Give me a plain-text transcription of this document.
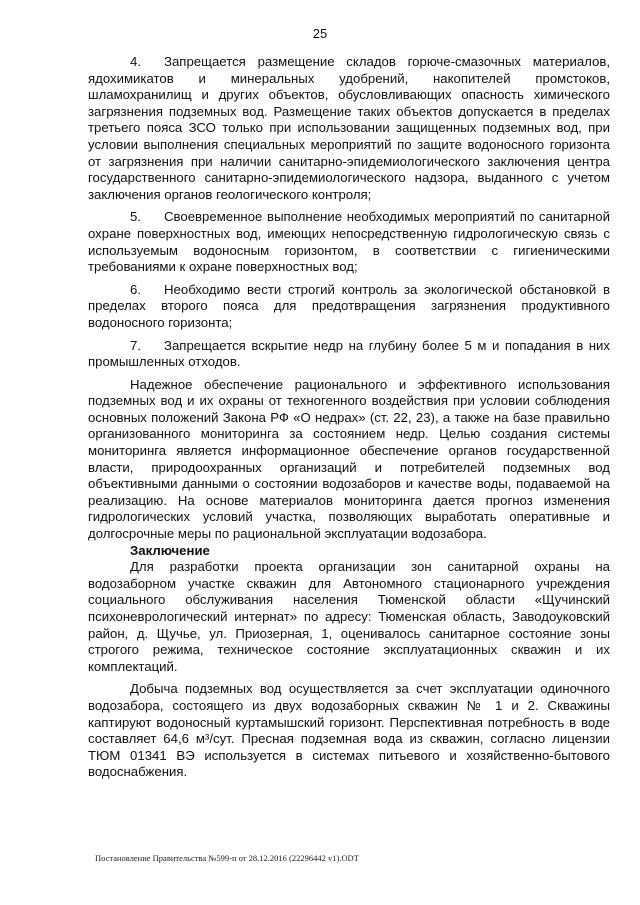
25

4. Запрещается размещение складов горюче-смазочных материалов, ядохимикатов и минеральных удобрений, накопителей промстоков, шламохранилищ и других объектов, обусловливающих опасность химического загрязнения подземных вод. Размещение таких объектов допускается в пределах третьего пояса ЗСО только при использовании защищенных подземных вод, при условии выполнения специальных мероприятий по защите водоносного горизонта от загрязнения при наличии санитарно-эпидемиологического заключения центра государственного санитарно-эпидемиологического надзора, выданного с учетом заключения органов геологического контроля;

5. Своевременное выполнение необходимых мероприятий по санитарной охране поверхностных вод, имеющих непосредственную гидрологическую связь с используемым водоносным горизонтом, в соответствии с гигиеническими требованиями к охране поверхностных вод;

6. Необходимо вести строгий контроль за экологической обстановкой в пределах второго пояса для предотвращения загрязнения продуктивного водоносного горизонта;

7. Запрещается вскрытие недр на глубину более 5 м и попадания в них промышленных отходов.

Надежное обеспечение рационального и эффективного использования подземных вод и их охраны от техногенного воздействия при условии соблюдения основных положений Закона РФ «О недрах» (ст. 22, 23), а также на базе правильно организованного мониторинга за состоянием недр. Целью создания системы мониторинга является информационное обеспечение органов государственной власти, природоохранных организаций и потребителей подземных вод объективными данными о состоянии водозаборов и качестве воды, подаваемой на реализацию. На основе материалов мониторинга дается прогноз изменения гидрологических условий участка, позволяющих выработать оперативные и долгосрочные меры по рациональной эксплуатации водозабора.

Заключение

Для разработки проекта организации зон санитарной охраны на водозаборном участке скважин для Автономного стационарного учреждения социального обслуживания населения Тюменской области «Щучинский психоневрологический интернат» по адресу: Тюменская область, Заводоуковский район, д. Щучье, ул. Приозерная, 1, оценивалось санитарное состояние зоны строгого режима, техническое состояние эксплуатационных скважин и их комплектаций.

Добыча подземных вод осуществляется за счет эксплуатации одиночного водозабора, состоящего из двух водозаборных скважин № 1 и 2. Скважины каптируют водоносный куртамышский горизонт. Перспективная потребность в воде составляет 64,6 м³/сут. Пресная подземная вода из скважин, согласно лицензии ТЮМ 01341 ВЭ используется в системах питьевого и хозяйственно-бытового водоснабжения.

Постановление Правительства №599-п от 28.12.2016 (22296442 v1).ODT
